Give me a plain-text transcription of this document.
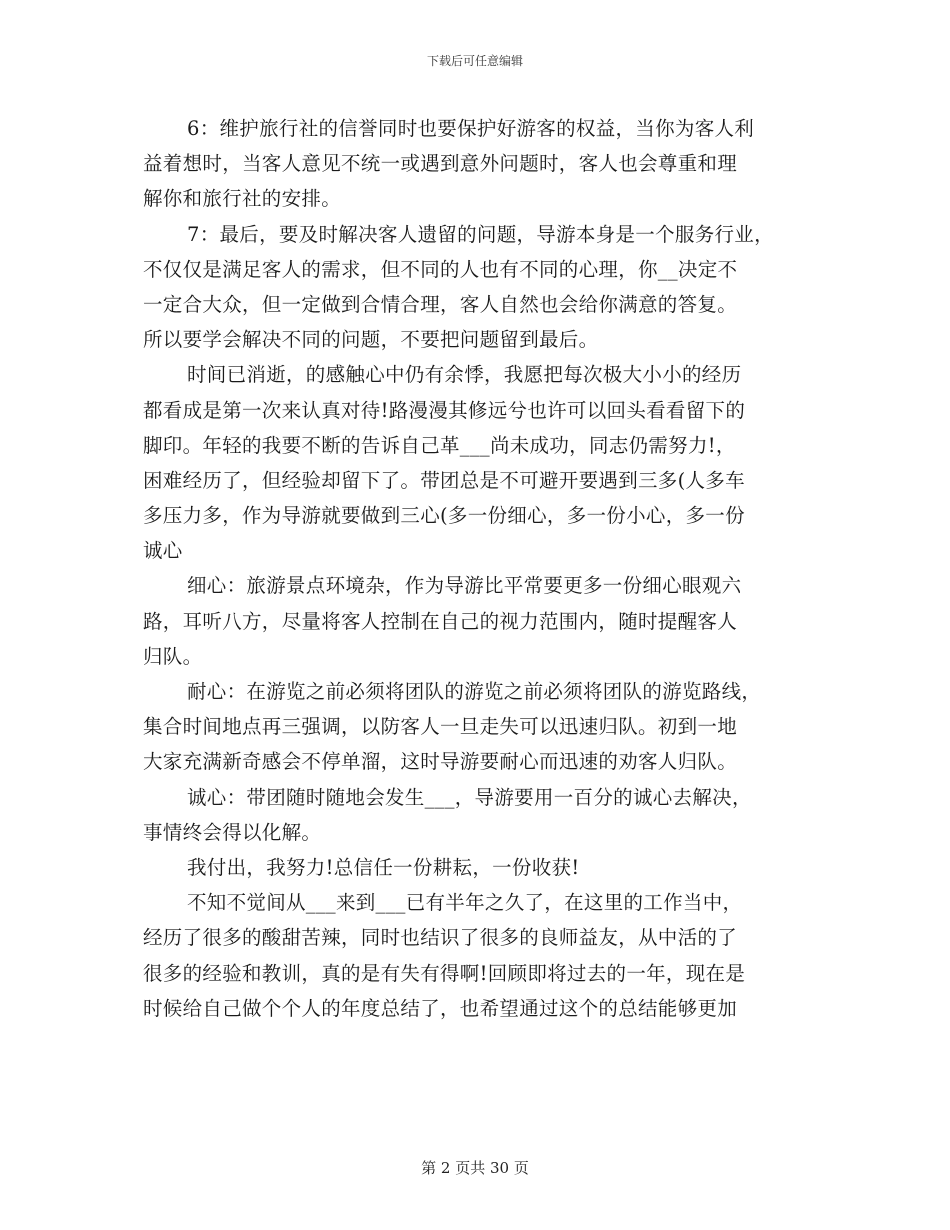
下载后可任意编辑
6：维护旅行社的信誉同时也要保护好游客的权益，当你为客人利
益着想时，当客人意见不统一或遇到意外问题时，客人也会尊重和理
解你和旅行社的安排。
7：最后，要及时解决客人遗留的问题，导游本身是一个服务行业，
不仅仅是满足客人的需求，但不同的人也有不同的心理，你__决定不
一定合大众，但一定做到合情合理，客人自然也会给你满意的答复。
所以要学会解决不同的问题，不要把问题留到最后。
时间已消逝，的感触心中仍有余悸，我愿把每次极大小小的经历
都看成是第一次来认真对待!路漫漫其修远兮也许可以回头看看留下的
脚印。年轻的我要不断的告诉自己革___尚未成功，同志仍需努力!，
困难经历了，但经验却留下了。带团总是不可避开要遇到三多(人多车
多压力多，作为导游就要做到三心(多一份细心，多一份小心，多一份
诚心
细心：旅游景点环境杂，作为导游比平常要更多一份细心眼观六
路，耳听八方，尽量将客人控制在自己的视力范围内，随时提醒客人
归队。
耐心：在游览之前必须将团队的游览之前必须将团队的游览路线，
集合时间地点再三强调，以防客人一旦走失可以迅速归队。初到一地
大家充满新奇感会不停单溜，这时导游要耐心而迅速的劝客人归队。
诚心：带团随时随地会发生___，导游要用一百分的诚心去解决，
事情终会得以化解。
我付出，我努力!总信任一份耕耘，一份收获!
不知不觉间从___来到___已有半年之久了，在这里的工作当中，
经历了很多的酸甜苦辣，同时也结识了很多的良师益友，从中活的了
很多的经验和教训，真的是有失有得啊!回顾即将过去的一年，现在是
时候给自己做个个人的年度总结了，也希望通过这个的总结能够更加
第 2 页共 30 页
